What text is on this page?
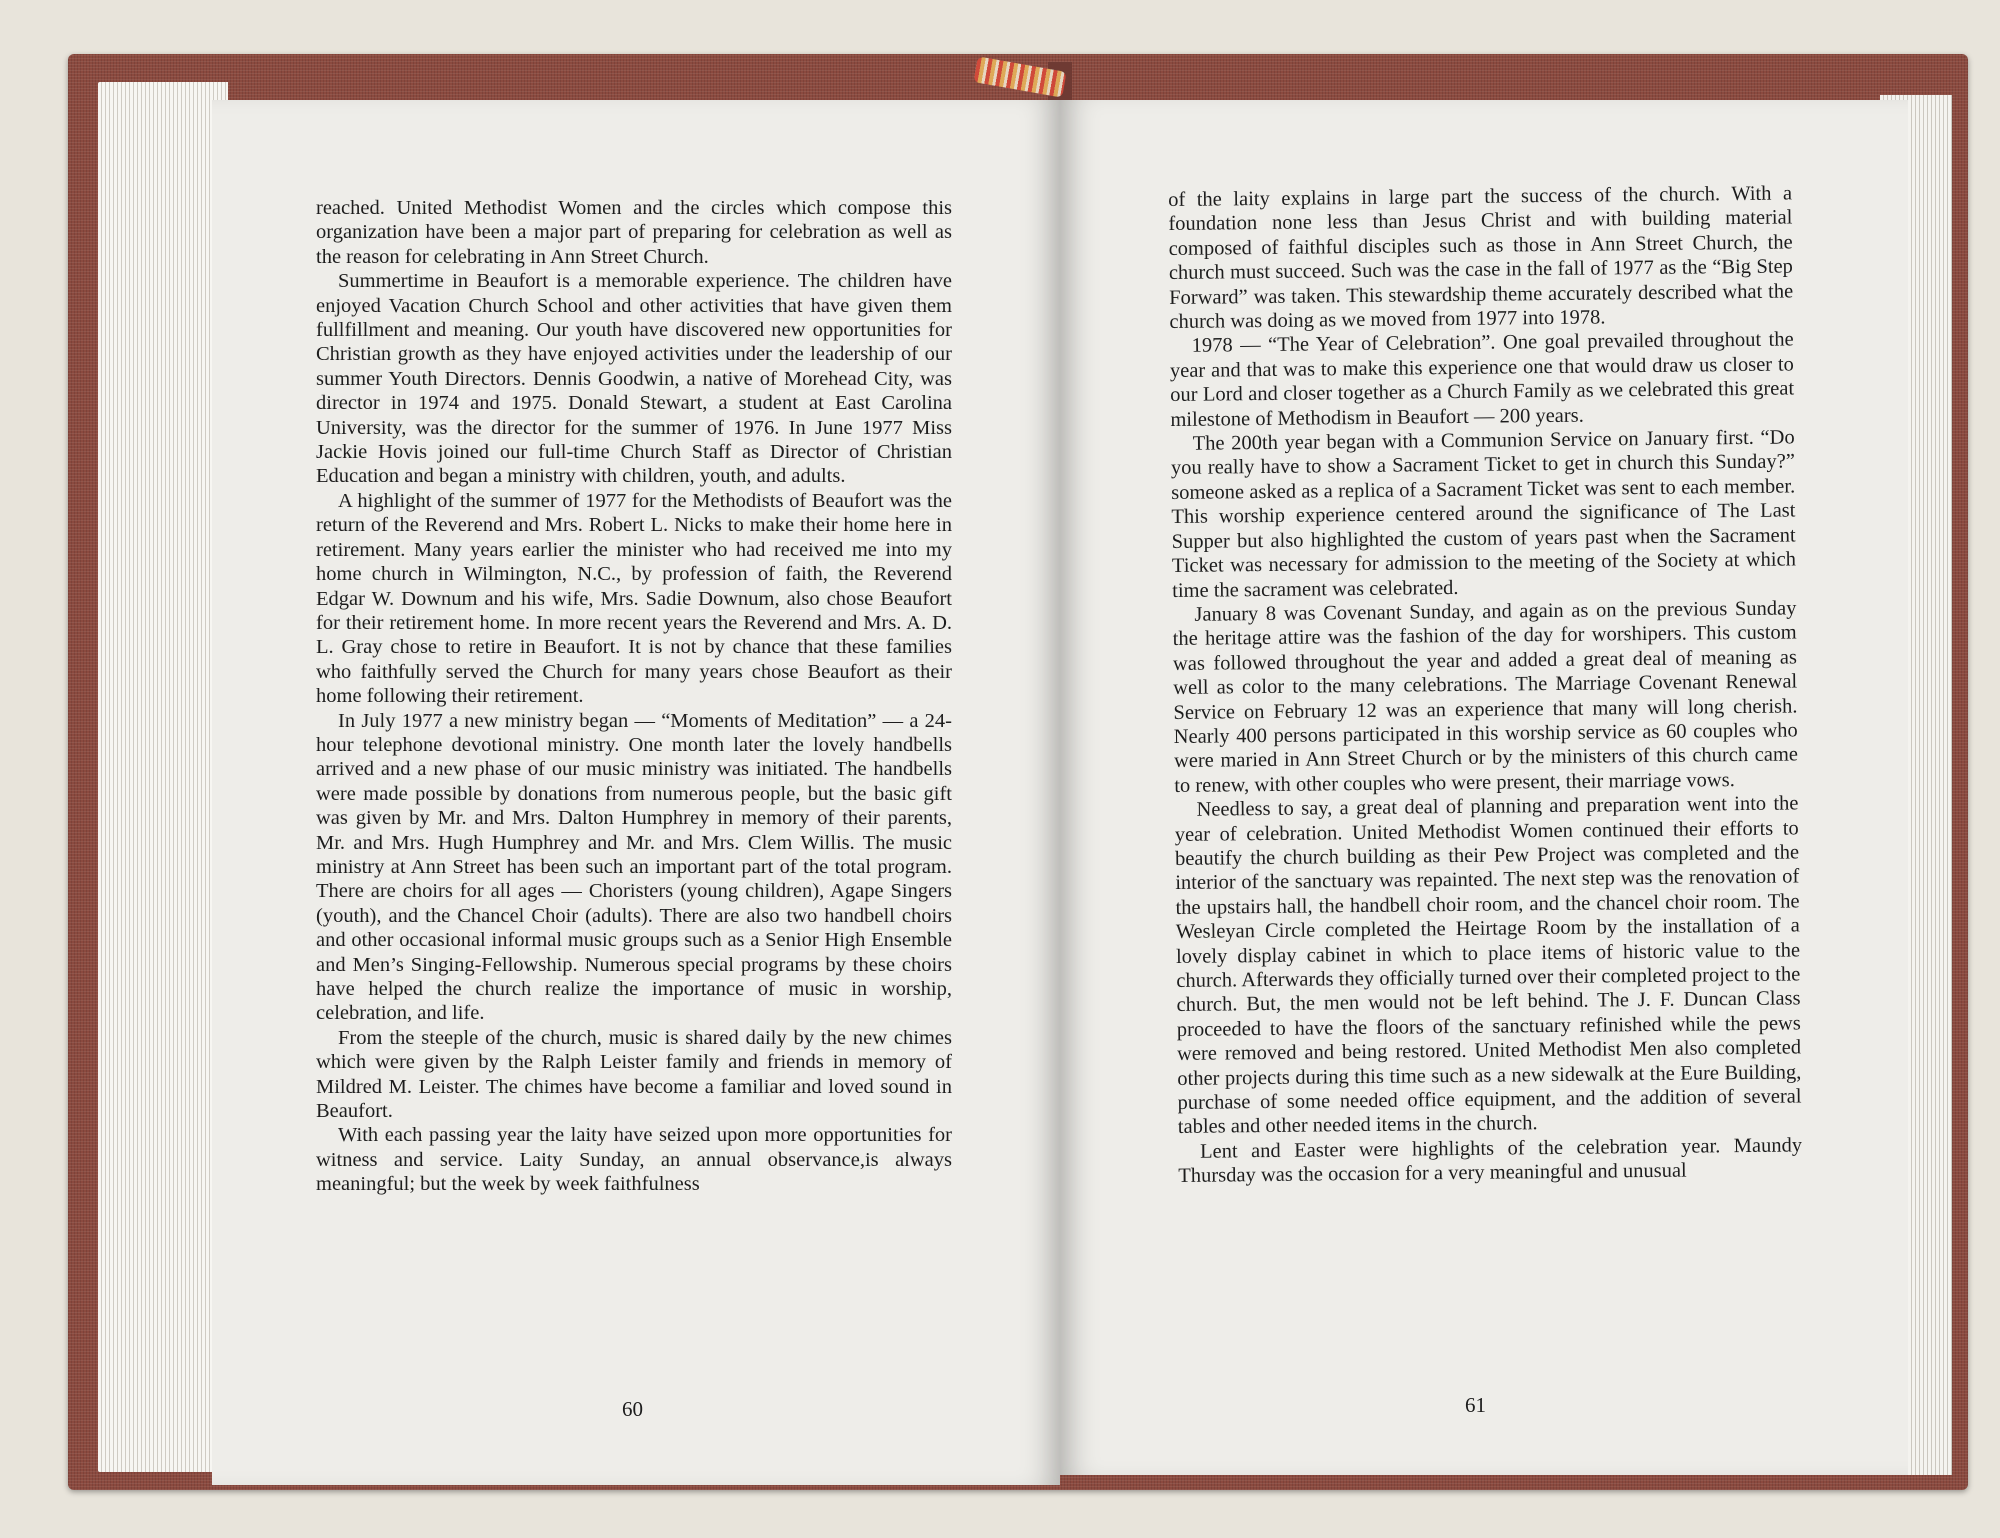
reached. United Methodist Women and the circles which compose this organization have been a major part of preparing for celebration as well as the reason for celebrating in Ann Street Church.

Summertime in Beaufort is a memorable experience. The children have enjoyed Vacation Church School and other activities that have given them fullfillment and meaning. Our youth have discovered new opportunities for Christian growth as they have enjoyed activities under the leadership of our summer Youth Directors. Dennis Goodwin, a native of Morehead City, was director in 1974 and 1975. Donald Stewart, a student at East Carolina University, was the director for the summer of 1976. In June 1977 Miss Jackie Hovis joined our full-time Church Staff as Director of Christian Education and began a ministry with children, youth, and adults.

A highlight of the summer of 1977 for the Methodists of Beaufort was the return of the Reverend and Mrs. Robert L. Nicks to make their home here in retirement. Many years earlier the minister who had received me into my home church in Wilmington, N.C., by profession of faith, the Reverend Edgar W. Downum and his wife, Mrs. Sadie Downum, also chose Beaufort for their retirement home. In more recent years the Reverend and Mrs. A. D. L. Gray chose to retire in Beaufort. It is not by chance that these families who faithfully served the Church for many years chose Beaufort as their home following their retirement.

In July 1977 a new ministry began — “Moments of Meditation” — a 24-hour telephone devotional ministry. One month later the lovely handbells arrived and a new phase of our music ministry was initiated. The handbells were made possible by donations from numerous people, but the basic gift was given by Mr. and Mrs. Dalton Humphrey in memory of their parents, Mr. and Mrs. Hugh Humphrey and Mr. and Mrs. Clem Willis. The music ministry at Ann Street has been such an important part of the total program. There are choirs for all ages — Choristers (young children), Agape Singers (youth), and the Chancel Choir (adults). There are also two handbell choirs and other occasional informal music groups such as a Senior High Ensemble and Men’s Singing-Fellowship. Numerous special programs by these choirs have helped the church realize the importance of music in worship, celebration, and life.

From the steeple of the church, music is shared daily by the new chimes which were given by the Ralph Leister family and friends in memory of Mildred M. Leister. The chimes have become a familiar and loved sound in Beaufort.

With each passing year the laity have seized upon more opportunities for witness and service. Laity Sunday, an annual observance,is always meaningful; but the week by week faithfulness

60

of the laity explains in large part the success of the church. With a foundation none less than Jesus Christ and with building material composed of faithful disciples such as those in Ann Street Church, the church must succeed. Such was the case in the fall of 1977 as the “Big Step Forward” was taken. This stewardship theme accurately described what the church was doing as we moved from 1977 into 1978.

1978 — “The Year of Celebration”. One goal prevailed throughout the year and that was to make this experience one that would draw us closer to our Lord and closer together as a Church Family as we celebrated this great milestone of Methodism in Beaufort — 200 years.

The 200th year began with a Communion Service on January first. “Do you really have to show a Sacrament Ticket to get in church this Sunday?” someone asked as a replica of a Sacrament Ticket was sent to each member. This worship experience centered around the significance of The Last Supper but also highlighted the custom of years past when the Sacrament Ticket was necessary for admission to the meeting of the Society at which time the sacrament was celebrated.

January 8 was Covenant Sunday, and again as on the previous Sunday the heritage attire was the fashion of the day for worshipers. This custom was followed throughout the year and added a great deal of meaning as well as color to the many celebrations. The Marriage Covenant Renewal Service on February 12 was an experience that many will long cherish. Nearly 400 persons participated in this worship service as 60 couples who were maried in Ann Street Church or by the ministers of this church came to renew, with other couples who were present, their marriage vows.

Needless to say, a great deal of planning and preparation went into the year of celebration. United Methodist Women continued their efforts to beautify the church building as their Pew Project was completed and the interior of the sanctuary was repainted. The next step was the renovation of the upstairs hall, the handbell choir room, and the chancel choir room. The Wesleyan Circle completed the Heirtage Room by the installation of a lovely display cabinet in which to place items of historic value to the church. Afterwards they officially turned over their completed project to the church. But, the men would not be left behind. The J. F. Duncan Class proceeded to have the floors of the sanctuary refinished while the pews were removed and being restored. United Methodist Men also completed other projects during this time such as a new sidewalk at the Eure Building, purchase of some needed office equipment, and the addition of several tables and other needed items in the church.

Lent and Easter were highlights of the celebration year. Maundy Thursday was the occasion for a very meaningful and unusual

61
